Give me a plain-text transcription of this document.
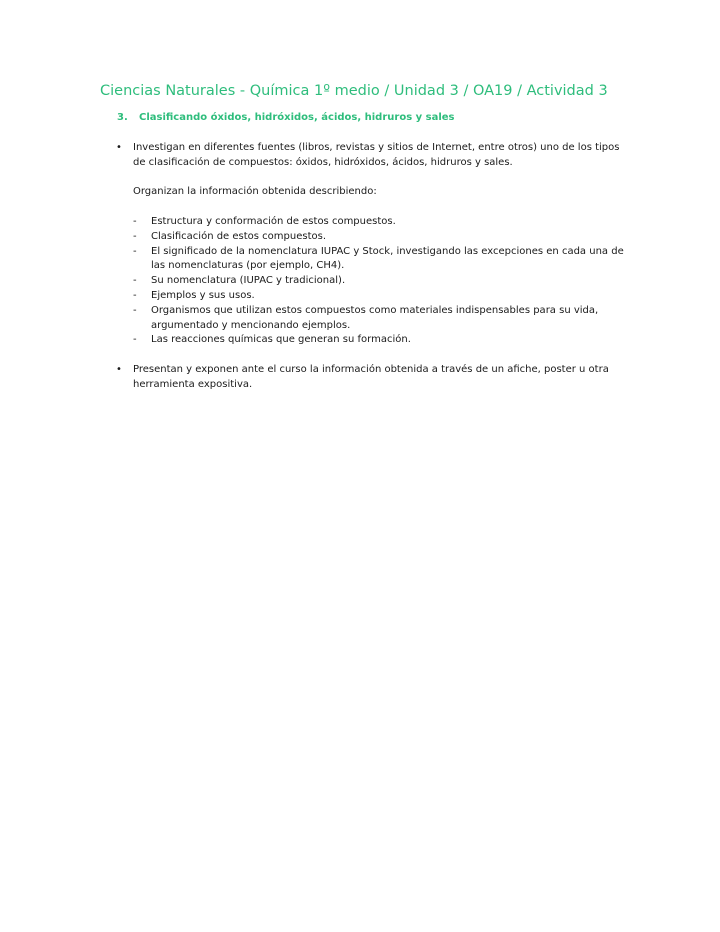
Ciencias Naturales - Química 1º medio / Unidad 3 / OA19 / Actividad 3
3. Clasificando óxidos, hidróxidos, ácidos, hidruros y sales
• Investigan en diferentes fuentes (libros, revistas y sitios de Internet, entre otros) uno de los tipos de clasificación de compuestos: óxidos, hidróxidos, ácidos, hidruros y sales.
Organizan la información obtenida describiendo:
- Estructura y conformación de estos compuestos.
- Clasificación de estos compuestos.
- El significado de la nomenclatura IUPAC y Stock, investigando las excepciones en cada una de las nomenclaturas (por ejemplo, CH4).
- Su nomenclatura (IUPAC y tradicional).
- Ejemplos y sus usos.
- Organismos que utilizan estos compuestos como materiales indispensables para su vida, argumentado y mencionando ejemplos.
- Las reacciones químicas que generan su formación.
• Presentan y exponen ante el curso la información obtenida a través de un afiche, poster u otra herramienta expositiva.
